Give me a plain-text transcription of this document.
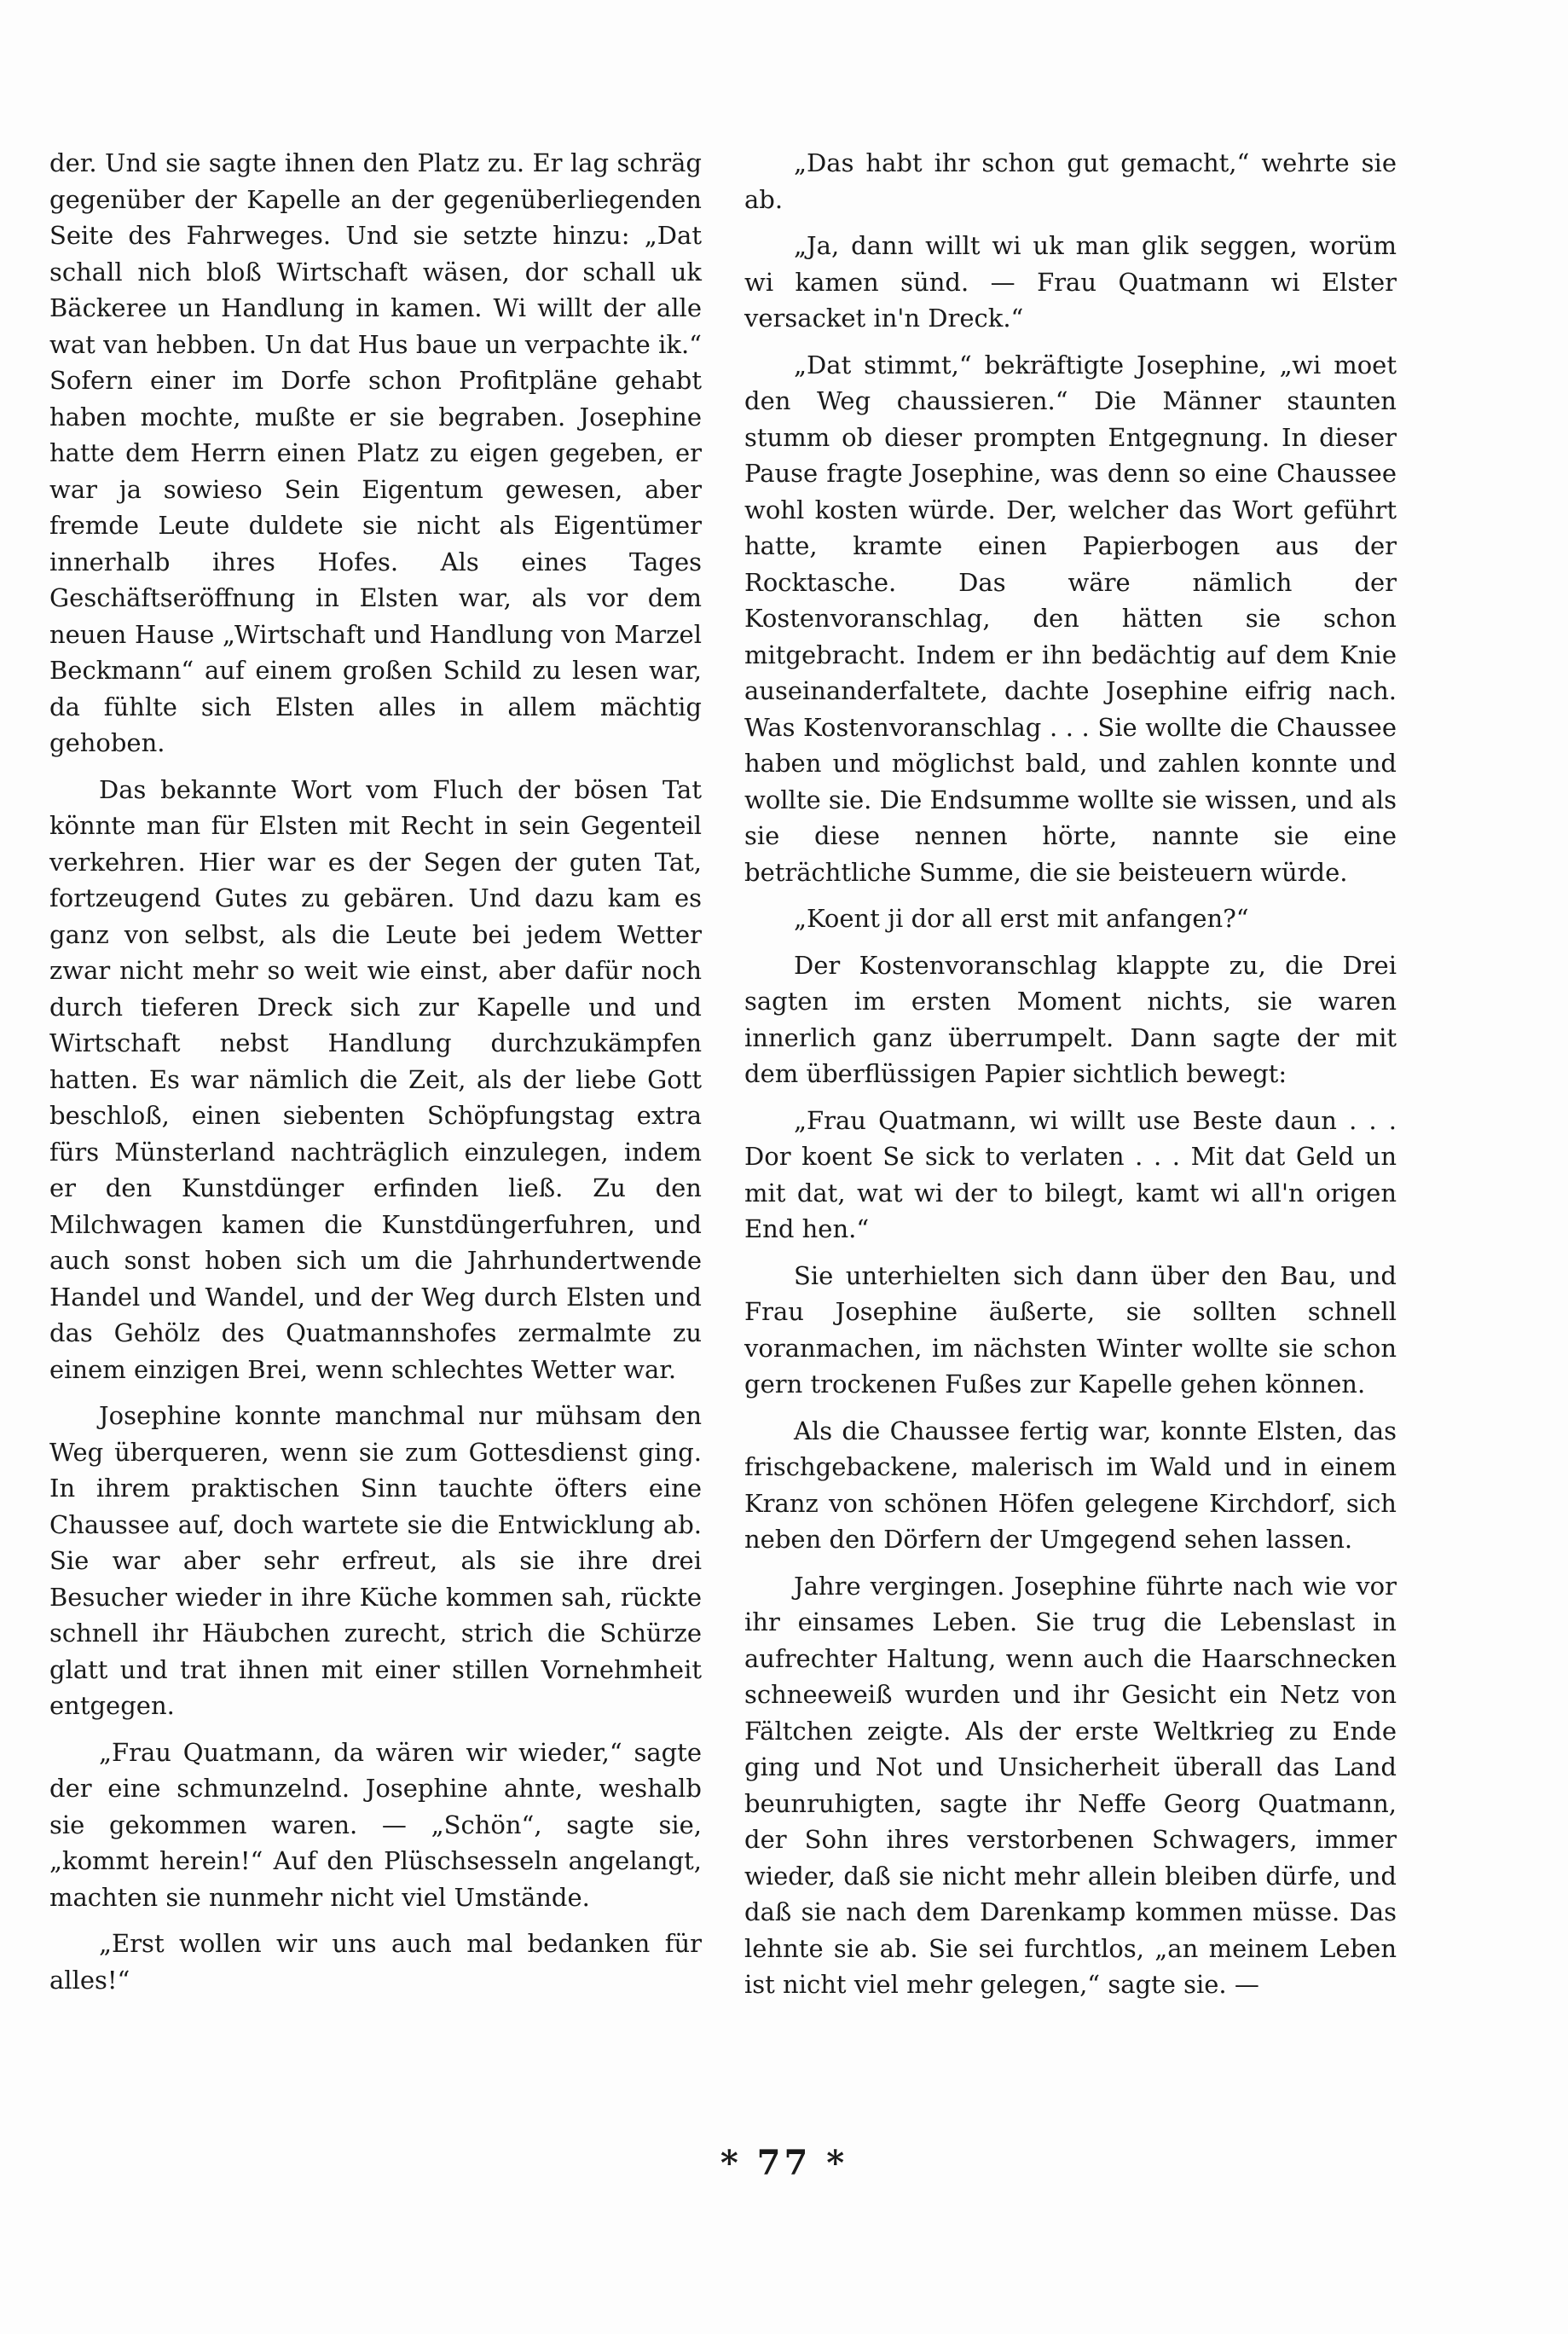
der. Und sie sagte ihnen den Platz zu. Er lag schräg gegenüber der Kapelle an der gegenüberliegenden Seite des Fahrweges. Und sie setzte hinzu: „Dat schall nich bloß Wirtschaft wäsen, dor schall uk Bäckeree un Handlung in kamen. Wi willt der alle wat van hebben. Un dat Hus baue un verpachte ik.“ Sofern einer im Dorfe schon Profitpläne gehabt haben mochte, mußte er sie begraben. Josephine hatte dem Herrn einen Platz zu eigen gegeben, er war ja sowieso Sein Eigentum gewesen, aber fremde Leute duldete sie nicht als Eigentümer innerhalb ihres Hofes. Als eines Tages Geschäftseröffnung in Elsten war, als vor dem neuen Hause „Wirtschaft und Handlung von Marzel Beckmann“ auf einem großen Schild zu lesen war, da fühlte sich Elsten alles in allem mächtig gehoben.

Das bekannte Wort vom Fluch der bösen Tat könnte man für Elsten mit Recht in sein Gegenteil verkehren. Hier war es der Segen der guten Tat, fortzeugend Gutes zu gebären. Und dazu kam es ganz von selbst, als die Leute bei jedem Wetter zwar nicht mehr so weit wie einst, aber dafür noch durch tieferen Dreck sich zur Kapelle und und Wirtschaft nebst Handlung durchzukämpfen hatten. Es war nämlich die Zeit, als der liebe Gott beschloß, einen siebenten Schöpfungstag extra fürs Münsterland nachträglich einzulegen, indem er den Kunstdünger erfinden ließ. Zu den Milchwagen kamen die Kunstdüngerfuhren, und auch sonst hoben sich um die Jahrhundertwende Handel und Wandel, und der Weg durch Elsten und das Gehölz des Quatmannshofes zermalmte zu einem einzigen Brei, wenn schlechtes Wetter war.

Josephine konnte manchmal nur mühsam den Weg überqueren, wenn sie zum Gottesdienst ging. In ihrem praktischen Sinn tauchte öfters eine Chaussee auf, doch wartete sie die Entwicklung ab. Sie war aber sehr erfreut, als sie ihre drei Besucher wieder in ihre Küche kommen sah, rückte schnell ihr Häubchen zurecht, strich die Schürze glatt und trat ihnen mit einer stillen Vornehmheit entgegen.

„Frau Quatmann, da wären wir wieder,“ sagte der eine schmunzelnd. Josephine ahnte, weshalb sie gekommen waren. — „Schön“, sagte sie, „kommt herein!“ Auf den Plüschsesseln angelangt, machten sie nunmehr nicht viel Umstände.

„Erst wollen wir uns auch mal bedanken für alles!“

„Das habt ihr schon gut gemacht,“ wehrte sie ab.

„Ja, dann willt wi uk man glik seggen, worüm wi kamen sünd. — Frau Quatmann wi Elster versacket in'n Dreck.“

„Dat stimmt,“ bekräftigte Josephine, „wi moet den Weg chaussieren.“ Die Männer staunten stumm ob dieser prompten Entgegnung. In dieser Pause fragte Josephine, was denn so eine Chaussee wohl kosten würde. Der, welcher das Wort geführt hatte, kramte einen Papierbogen aus der Rocktasche. Das wäre nämlich der Kostenvoranschlag, den hätten sie schon mitgebracht. Indem er ihn bedächtig auf dem Knie auseinanderfaltete, dachte Josephine eifrig nach. Was Kostenvoranschlag . . . Sie wollte die Chaussee haben und möglichst bald, und zahlen konnte und wollte sie. Die Endsumme wollte sie wissen, und als sie diese nennen hörte, nannte sie eine beträchtliche Summe, die sie beisteuern würde.

„Koent ji dor all erst mit anfangen?“

Der Kostenvoranschlag klappte zu, die Drei sagten im ersten Moment nichts, sie waren innerlich ganz überrumpelt. Dann sagte der mit dem überflüssigen Papier sichtlich bewegt:

„Frau Quatmann, wi willt use Beste daun . . . Dor koent Se sick to verlaten . . . Mit dat Geld un mit dat, wat wi der to bilegt, kamt wi all'n origen End hen.“

Sie unterhielten sich dann über den Bau, und Frau Josephine äußerte, sie sollten schnell voranmachen, im nächsten Winter wollte sie schon gern trockenen Fußes zur Kapelle gehen können.

Als die Chaussee fertig war, konnte Elsten, das frischgebackene, malerisch im Wald und in einem Kranz von schönen Höfen gelegene Kirchdorf, sich neben den Dörfern der Umgegend sehen lassen.

Jahre vergingen. Josephine führte nach wie vor ihr einsames Leben. Sie trug die Lebenslast in aufrechter Haltung, wenn auch die Haarschnecken schneeweiß wurden und ihr Gesicht ein Netz von Fältchen zeigte. Als der erste Weltkrieg zu Ende ging und Not und Unsicherheit überall das Land beunruhigten, sagte ihr Neffe Georg Quatmann, der Sohn ihres verstorbenen Schwagers, immer wieder, daß sie nicht mehr allein bleiben dürfe, und daß sie nach dem Darenkamp kommen müsse. Das lehnte sie ab. Sie sei furchtlos, „an meinem Leben ist nicht viel mehr gelegen,“ sagte sie. —

* 77 *
